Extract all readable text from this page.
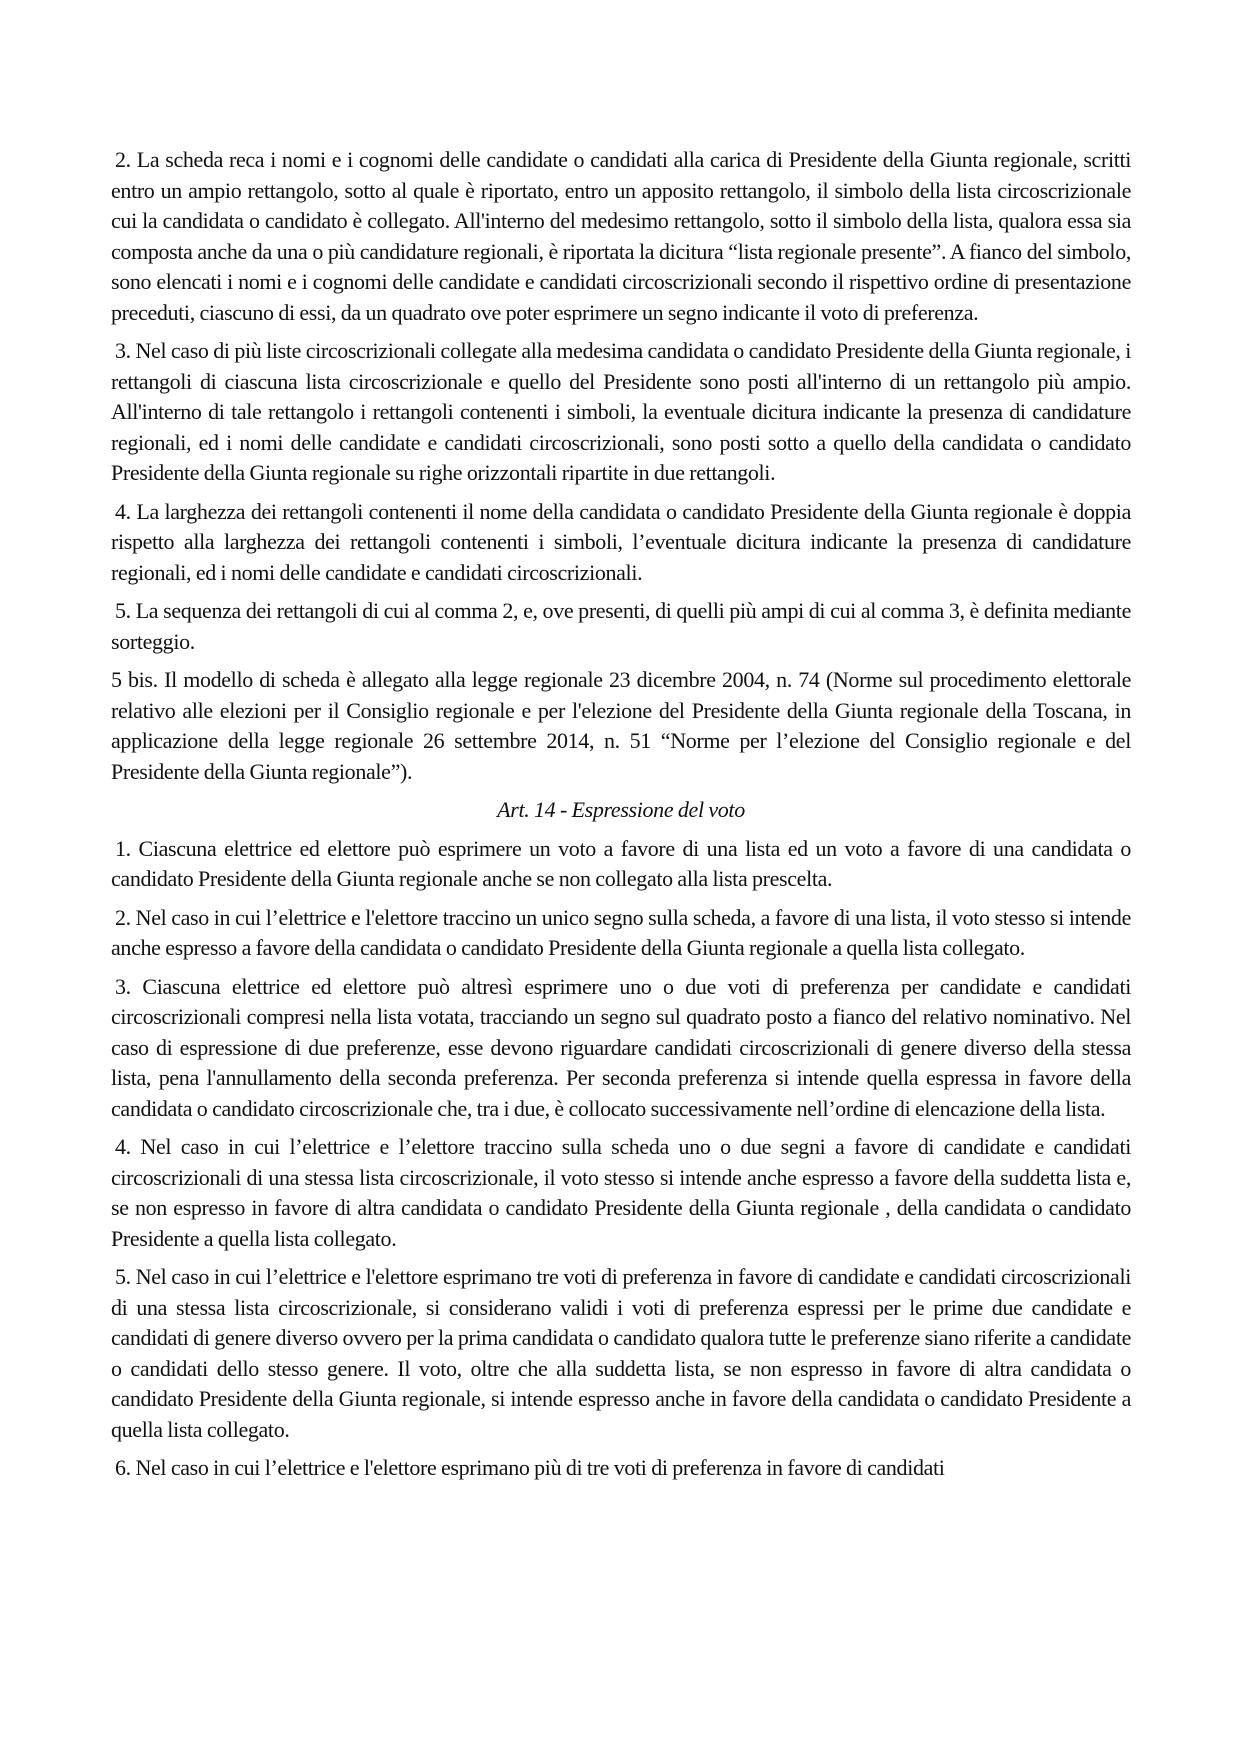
2. La scheda reca i nomi e i cognomi delle candidate o candidati alla carica di Presidente della Giunta regionale, scritti entro un ampio rettangolo, sotto al quale è riportato, entro un apposito rettangolo, il simbolo della lista circoscrizionale cui la candidata o candidato è collegato. All'interno del medesimo rettangolo, sotto il simbolo della lista, qualora essa sia composta anche da una o più candidature regionali, è riportata la dicitura “lista regionale presente”. A fianco del simbolo, sono elencati i nomi e i cognomi delle candidate e candidati circoscrizionali secondo il rispettivo ordine di presentazione preceduti, ciascuno di essi, da un quadrato ove poter esprimere un segno indicante il voto di preferenza.

3. Nel caso di più liste circoscrizionali collegate alla medesima candidata o candidato Presidente della Giunta regionale, i rettangoli di ciascuna lista circoscrizionale e quello del Presidente sono posti all'interno di un rettangolo più ampio. All'interno di tale rettangolo i rettangoli contenenti i simboli, la eventuale dicitura indicante la presenza di candidature regionali, ed i nomi delle candidate e candidati circoscrizionali, sono posti sotto a quello della candidata o candidato Presidente della Giunta regionale su righe orizzontali ripartite in due rettangoli.

4. La larghezza dei rettangoli contenenti il nome della candidata o candidato Presidente della Giunta regionale è doppia rispetto alla larghezza dei rettangoli contenenti i simboli, l’eventuale dicitura indicante la presenza di candidature regionali, ed i nomi delle candidate e candidati circoscrizionali.

5. La sequenza dei rettangoli di cui al comma 2, e, ove presenti, di quelli più ampi di cui al comma 3, è definita mediante sorteggio.

5 bis. Il modello di scheda è allegato alla legge regionale 23 dicembre 2004, n. 74 (Norme sul procedimento elettorale relativo alle elezioni per il Consiglio regionale e per l'elezione del Presidente della Giunta regionale della Toscana, in applicazione della legge regionale 26 settembre 2014, n. 51 “Norme per l’elezione del Consiglio regionale e del Presidente della Giunta regionale”).

Art. 14 - Espressione del voto

1. Ciascuna elettrice ed elettore può esprimere un voto a favore di una lista ed un voto a favore di una candidata o candidato Presidente della Giunta regionale anche se non collegato alla lista prescelta.

2. Nel caso in cui l’elettrice e l'elettore traccino un unico segno sulla scheda, a favore di una lista, il voto stesso si intende anche espresso a favore della candidata o candidato Presidente della Giunta regionale a quella lista collegato.

3. Ciascuna elettrice ed elettore può altresì esprimere uno o due voti di preferenza per candidate e candidati circoscrizionali compresi nella lista votata, tracciando un segno sul quadrato posto a fianco del relativo nominativo. Nel caso di espressione di due preferenze, esse devono riguardare candidati circoscrizionali di genere diverso della stessa lista, pena l'annullamento della seconda preferenza. Per seconda preferenza si intende quella espressa in favore della candidata o candidato circoscrizionale che, tra i due, è collocato successivamente nell’ordine di elencazione della lista.

4. Nel caso in cui l’elettrice e l’elettore traccino sulla scheda uno o due segni a favore di candidate e candidati circoscrizionali di una stessa lista circoscrizionale, il voto stesso si intende anche espresso a favore della suddetta lista e, se non espresso in favore di altra candidata o candidato Presidente della Giunta regionale , della candidata o candidato Presidente a quella lista collegato.

5. Nel caso in cui l’elettrice e l'elettore esprimano tre voti di preferenza in favore di candidate e candidati circoscrizionali di una stessa lista circoscrizionale, si considerano validi i voti di preferenza espressi per le prime due candidate e candidati di genere diverso ovvero per la prima candidata o candidato qualora tutte le preferenze siano riferite a candidate o candidati dello stesso genere. Il voto, oltre che alla suddetta lista, se non espresso in favore di altra candidata o candidato Presidente della Giunta regionale, si intende espresso anche in favore della candidata o candidato Presidente a quella lista collegato.

6. Nel caso in cui l’elettrice e l'elettore esprimano più di tre voti di preferenza in favore di candidati
